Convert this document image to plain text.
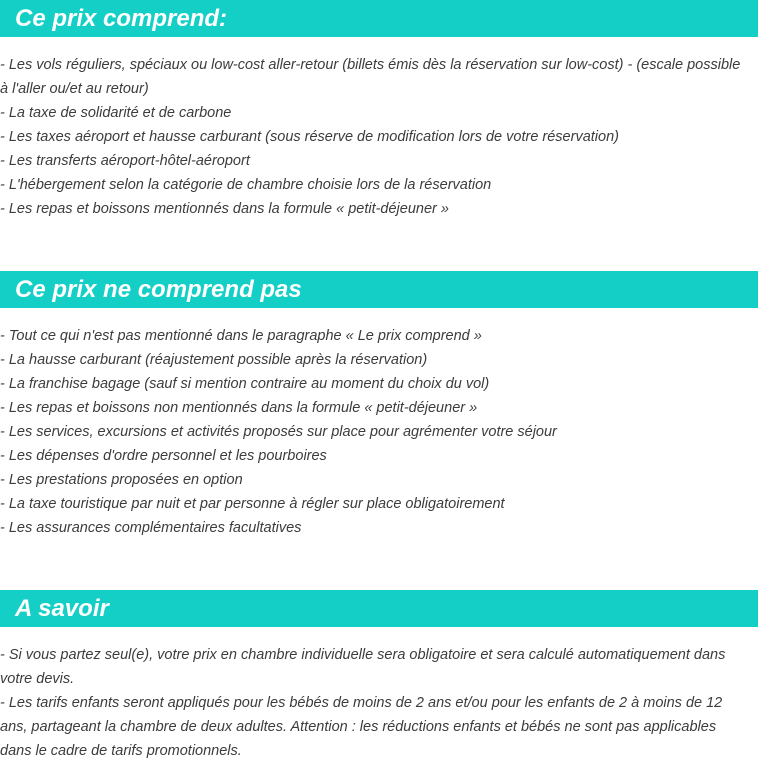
Ce prix comprend:

- Les vols réguliers, spéciaux ou low-cost aller-retour (billets émis dès la réservation sur low-cost) - (escale possible à l'aller ou/et au retour)

- La taxe de solidarité et de carbone

- Les taxes aéroport et hausse carburant (sous réserve de modification lors de votre réservation)

- Les transferts aéroport-hôtel-aéroport

- L'hébergement selon la catégorie de chambre choisie lors de la réservation

- Les repas et boissons mentionnés dans la formule « petit-déjeuner »

Ce prix ne comprend pas

- Tout ce qui n'est pas mentionné dans le paragraphe « Le prix comprend »

- La hausse carburant (réajustement possible après la réservation)

- La franchise bagage (sauf si mention contraire au moment du choix du vol)

- Les repas et boissons non mentionnés dans la formule « petit-déjeuner »

- Les services, excursions et activités proposés sur place pour agrémenter votre séjour

- Les dépenses d'ordre personnel et les pourboires

- Les prestations proposées en option

- La taxe touristique par nuit et par personne à régler sur place obligatoirement

- Les assurances complémentaires facultatives

A savoir

- Si vous partez seul(e), votre prix en chambre individuelle sera obligatoire et sera calculé automatiquement dans votre devis.

- Les tarifs enfants seront appliqués pour les bébés de moins de 2 ans et/ou pour les enfants de 2 à moins de 12 ans, partageant la chambre de deux adultes. Attention : les réductions enfants et bébés ne sont pas applicables dans le cadre de tarifs promotionnels.
